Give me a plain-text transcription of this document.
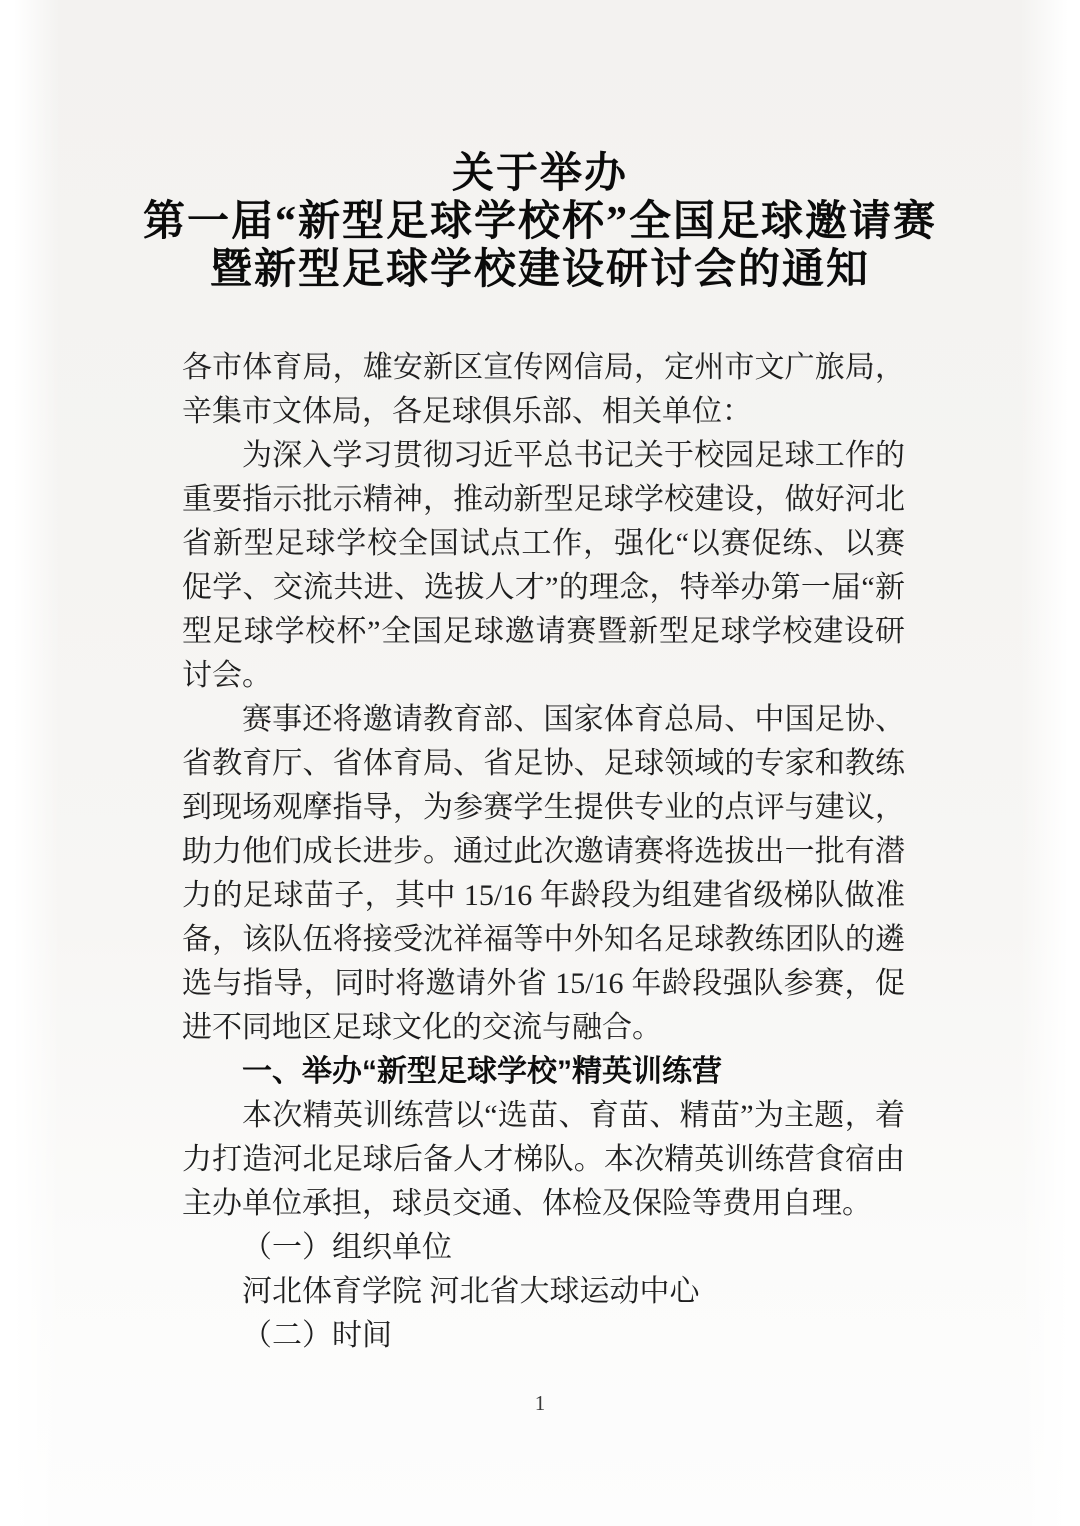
关于举办
第一届“新型足球学校杯”全国足球邀请赛
暨新型足球学校建设研讨会的通知

各市体育局，雄安新区宣传网信局，定州市文广旅局，辛集市文体局，各足球俱乐部、相关单位：

为深入学习贯彻习近平总书记关于校园足球工作的重要指示批示精神，推动新型足球学校建设，做好河北省新型足球学校全国试点工作，强化“以赛促练、以赛促学、交流共进、选拔人才”的理念，特举办第一届“新型足球学校杯”全国足球邀请赛暨新型足球学校建设研讨会。

赛事还将邀请教育部、国家体育总局、中国足协、省教育厅、省体育局、省足协、足球领域的专家和教练到现场观摩指导，为参赛学生提供专业的点评与建议，助力他们成长进步。通过此次邀请赛将选拔出一批有潜力的足球苗子，其中 15/16 年龄段为组建省级梯队做准备，该队伍将接受沈祥福等中外知名足球教练团队的遴选与指导，同时将邀请外省 15/16 年龄段强队参赛，促进不同地区足球文化的交流与融合。

一、举办“新型足球学校”精英训练营

本次精英训练营以“选苗、育苗、精苗”为主题，着力打造河北足球后备人才梯队。本次精英训练营食宿由主办单位承担，球员交通、体检及保险等费用自理。

（一）组织单位

河北体育学院 河北省大球运动中心

（二）时间

1
